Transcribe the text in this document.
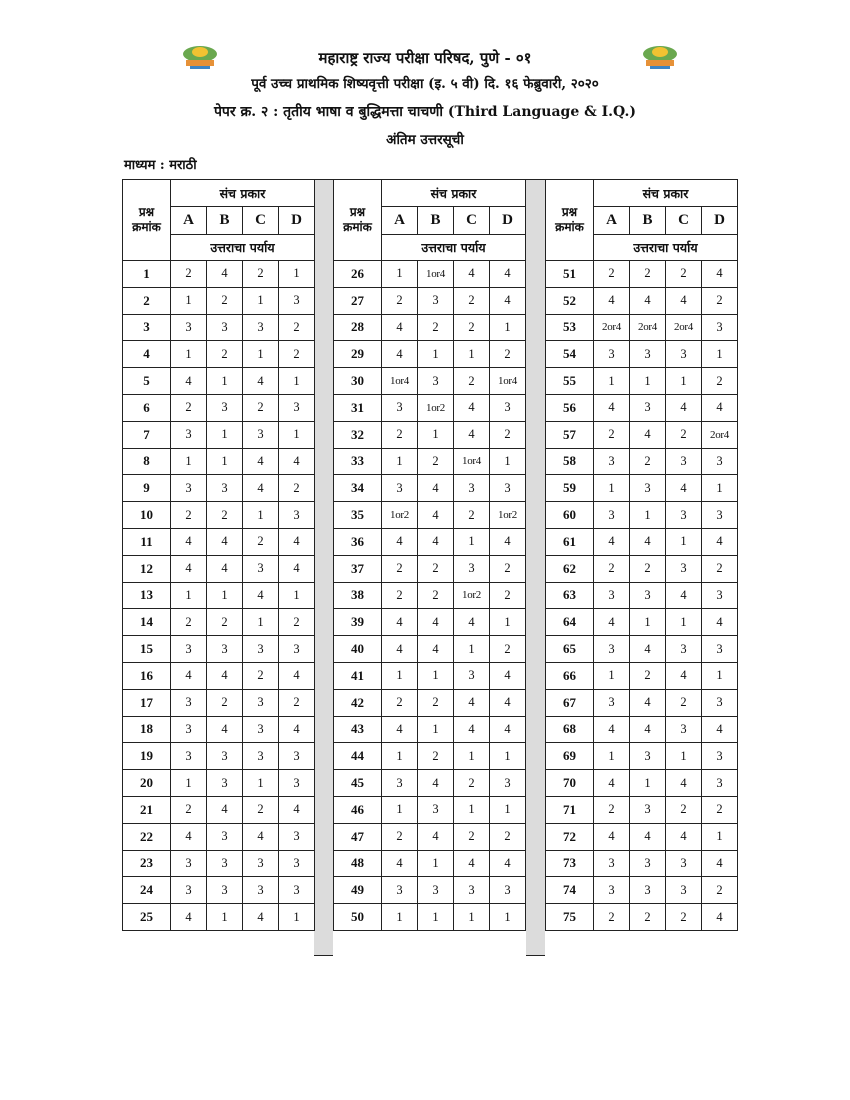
महाराष्ट्र राज्य परीक्षा परिषद, पुणे - ०१
पूर्व उच्च प्राथमिक शिष्यवृत्ती परीक्षा (इ. ५ वी) दि. १६ फेब्रुवारी, २०२०
पेपर क्र. २ : तृतीय भाषा व बुद्धिमत्ता चाचणी (Third Language & I.Q.)
अंतिम उत्तरसूची
माध्यम : मराठी
प्रश्न क्रमांक	संच प्रकार			
	A	B	C	D
	उत्तराचा पर्याय			
1	2	4	2	1
2	1	2	1	3
3	3	3	3	2
4	1	2	1	2
5	4	1	4	1
6	2	3	2	3
7	3	1	3	1
8	1	1	4	4
9	3	3	4	2
10	2	2	1	3
11	4	4	2	4
12	4	4	3	4
13	1	1	4	1
14	2	2	1	2
15	3	3	3	3
16	4	4	2	4
17	3	2	3	2
18	3	4	3	4
19	3	3	3	3
20	1	3	1	3
21	2	4	2	4
22	4	3	4	3
23	3	3	3	3
24	3	3	3	3
25	4	1	4	1
प्रश्न क्रमांक	संच प्रकार			
	A	B	C	D
	उत्तराचा पर्याय			
26	1	1or4	4	4
27	2	3	2	4
28	4	2	2	1
29	4	1	1	2
30	1or4	3	2	1or4
31	3	1or2	4	3
32	2	1	4	2
33	1	2	1or4	1
34	3	4	3	3
35	1or2	4	2	1or2
36	4	4	1	4
37	2	2	3	2
38	2	2	1or2	2
39	4	4	4	1
40	4	4	1	2
41	1	1	3	4
42	2	2	4	4
43	4	1	4	4
44	1	2	1	1
45	3	4	2	3
46	1	3	1	1
47	2	4	2	2
48	4	1	4	4
49	3	3	3	3
50	1	1	1	1
प्रश्न क्रमांक	संच प्रकार			
	A	B	C	D
	उत्तराचा पर्याय			
51	2	2	2	4
52	4	4	4	2
53	2or4	2or4	2or4	3
54	3	3	3	1
55	1	1	1	2
56	4	3	4	4
57	2	4	2	2or4
58	3	2	3	3
59	1	3	4	1
60	3	1	3	3
61	4	4	1	4
62	2	2	3	2
63	3	3	4	3
64	4	1	1	4
65	3	4	3	3
66	1	2	4	1
67	3	4	2	3
68	4	4	3	4
69	1	3	1	3
70	4	1	4	3
71	2	3	2	2
72	4	4	4	1
73	3	3	3	4
74	3	3	3	2
75	2	2	2	4
